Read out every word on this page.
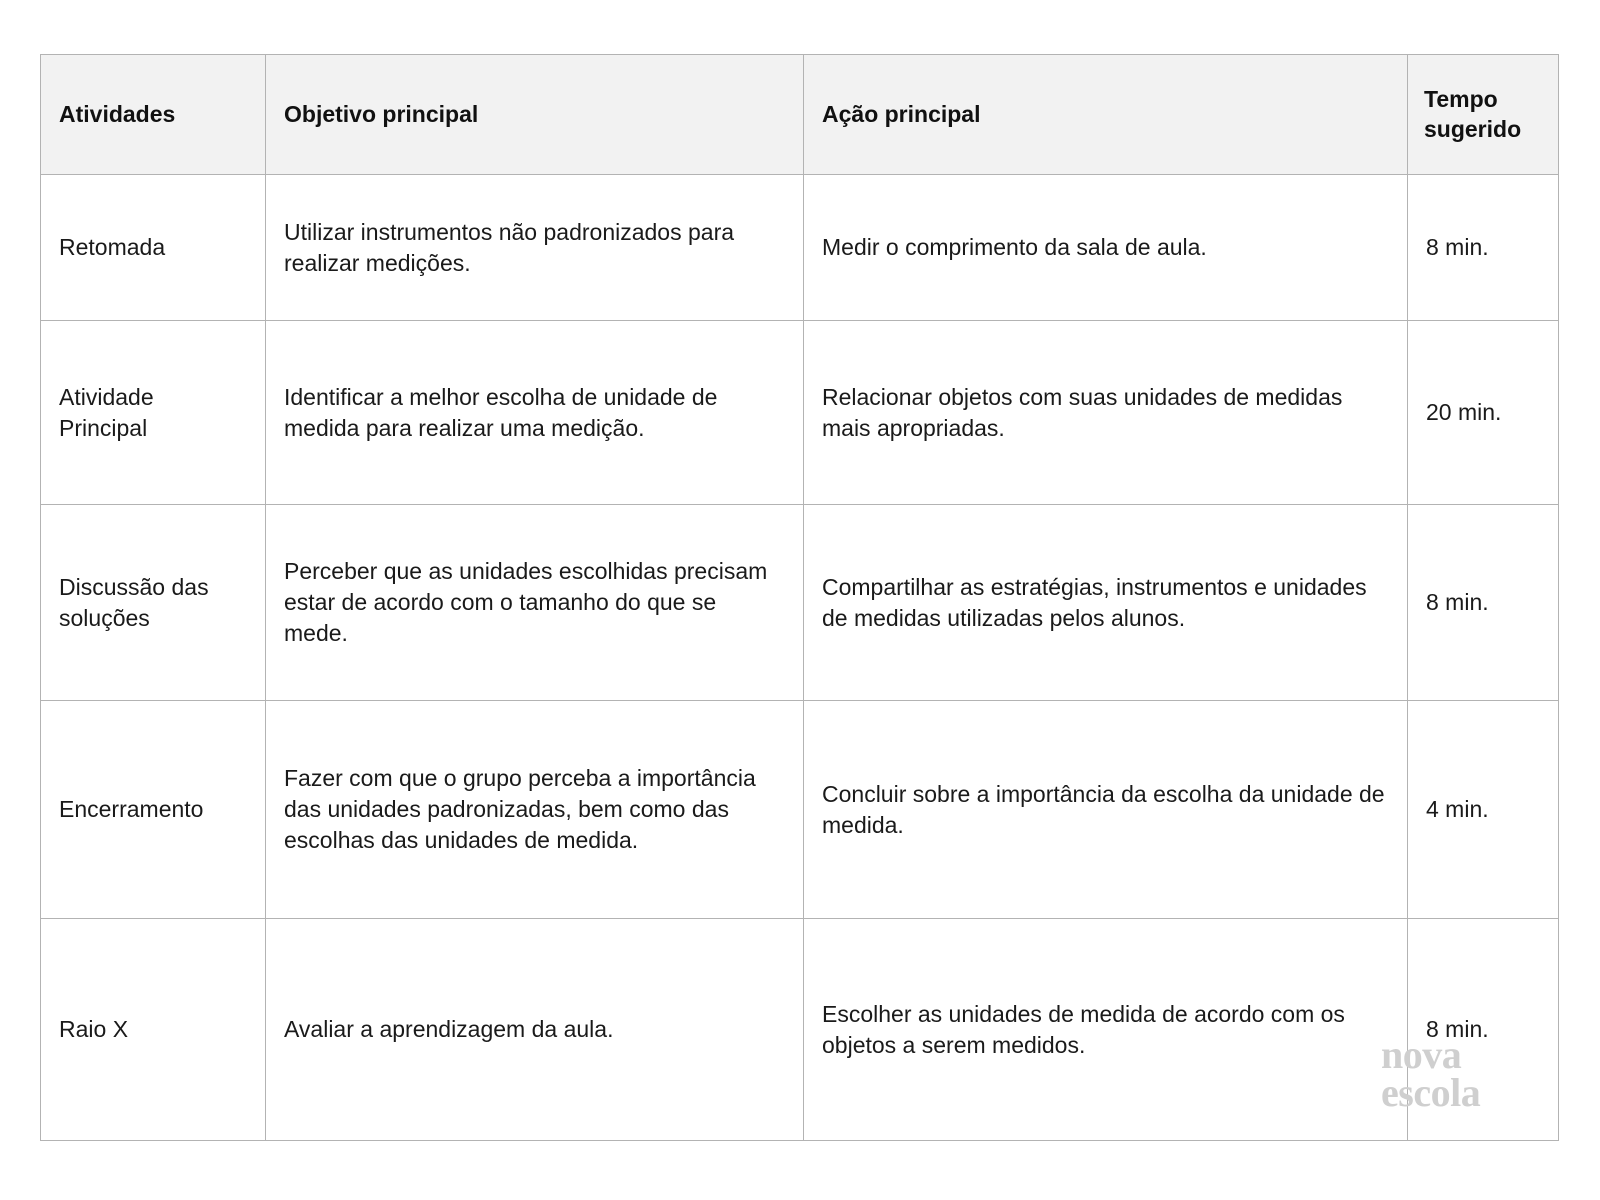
Atividades	Objetivo principal	Ação principal	Tempo sugerido
Retomada	Utilizar instrumentos não padronizados para realizar medições.	Medir o comprimento da sala de aula.	8 min.
Atividade Principal	Identificar a melhor escolha de unidade de medida para realizar uma medição.	Relacionar objetos com suas unidades de medidas mais apropriadas.	20 min.
Discussão das soluções	Perceber que as unidades escolhidas precisam estar de acordo com o tamanho do que se mede.	Compartilhar as estratégias, instrumentos e unidades de medidas utilizadas pelos alunos.	8 min.
Encerramento	Fazer com que o grupo perceba a importância das unidades padronizadas, bem como das escolhas das unidades de medida.	Concluir sobre a importância da escolha da unidade de medida.	4 min.
Raio X	Avaliar a aprendizagem da aula.	Escolher as unidades de medida de acordo com os objetos a serem medidos.	8 min.
nova
escola
